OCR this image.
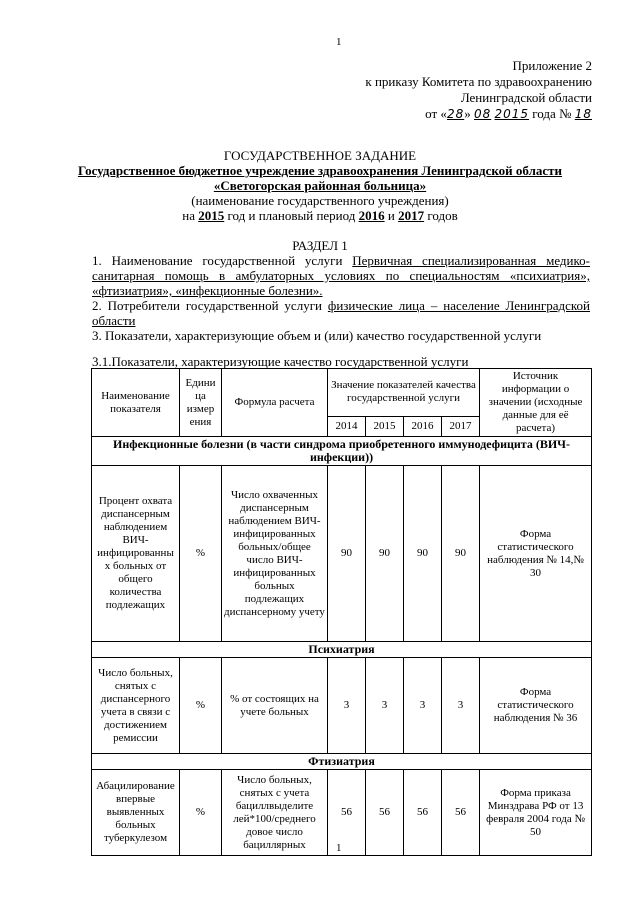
1
Приложение 2
к приказу Комитета по здравоохранению
Ленинградской области
от «28» 08 2015 года № 18
ГОСУДАРСТВЕННОЕ ЗАДАНИЕ
Государственное бюджетное учреждение здравоохранения Ленинградской области
«Светогорская районная больница»
(наименование государственного учреждения)
на 2015 год и плановый период 2016 и 2017 годов
РАЗДЕЛ 1
1. Наименование государственной услуги Первичная специализированная медико-санитарная помощь в амбулаторных условиях по специальностям «психиатрия», «фтизиатрия», «инфекционные болезни».
2. Потребители государственной услуги физические лица – население Ленинградской области
3. Показатели, характеризующие объем и (или) качество государственной услуги
3.1.Показатели, характеризующие качество государственной услуги
Наименование показателя	Едини ца измер ения	Формула расчета	Значение показателей качества государственной услуги				Источник информации о значении (исходные данные для её расчета)
			2014	2015	2016	2017	
Инфекционные болезни (в части синдрома приобретенного иммунодефицита (ВИЧ-инфекции))							
Процент охвата диспансерным наблюдением ВИЧ-инфицированны х больных от общего количества подлежащих	%	Число охваченных диспансерным наблюдением ВИЧ-инфицированных больных/общее число ВИЧ-инфицированных больных подлежащих диспансерному учету	90	90	90	90	Форма статистического наблюдения № 14,№ 30
Психиатрия							
Число больных, снятых с диспансерного учета в связи с достижением ремиссии	%	% от состоящих на учете больных	3	3	3	3	Форма статистического наблюдения № 36
Фтизиатрия							
Абацилирование впервые выявленных больных туберкулезом	%	Число больных, снятых с учета бациллвыделите лей*100/среднего довое число бациллярных	56	56	56	56	Форма приказа Минздрава РФ от 13 февраля 2004 года № 50
1
